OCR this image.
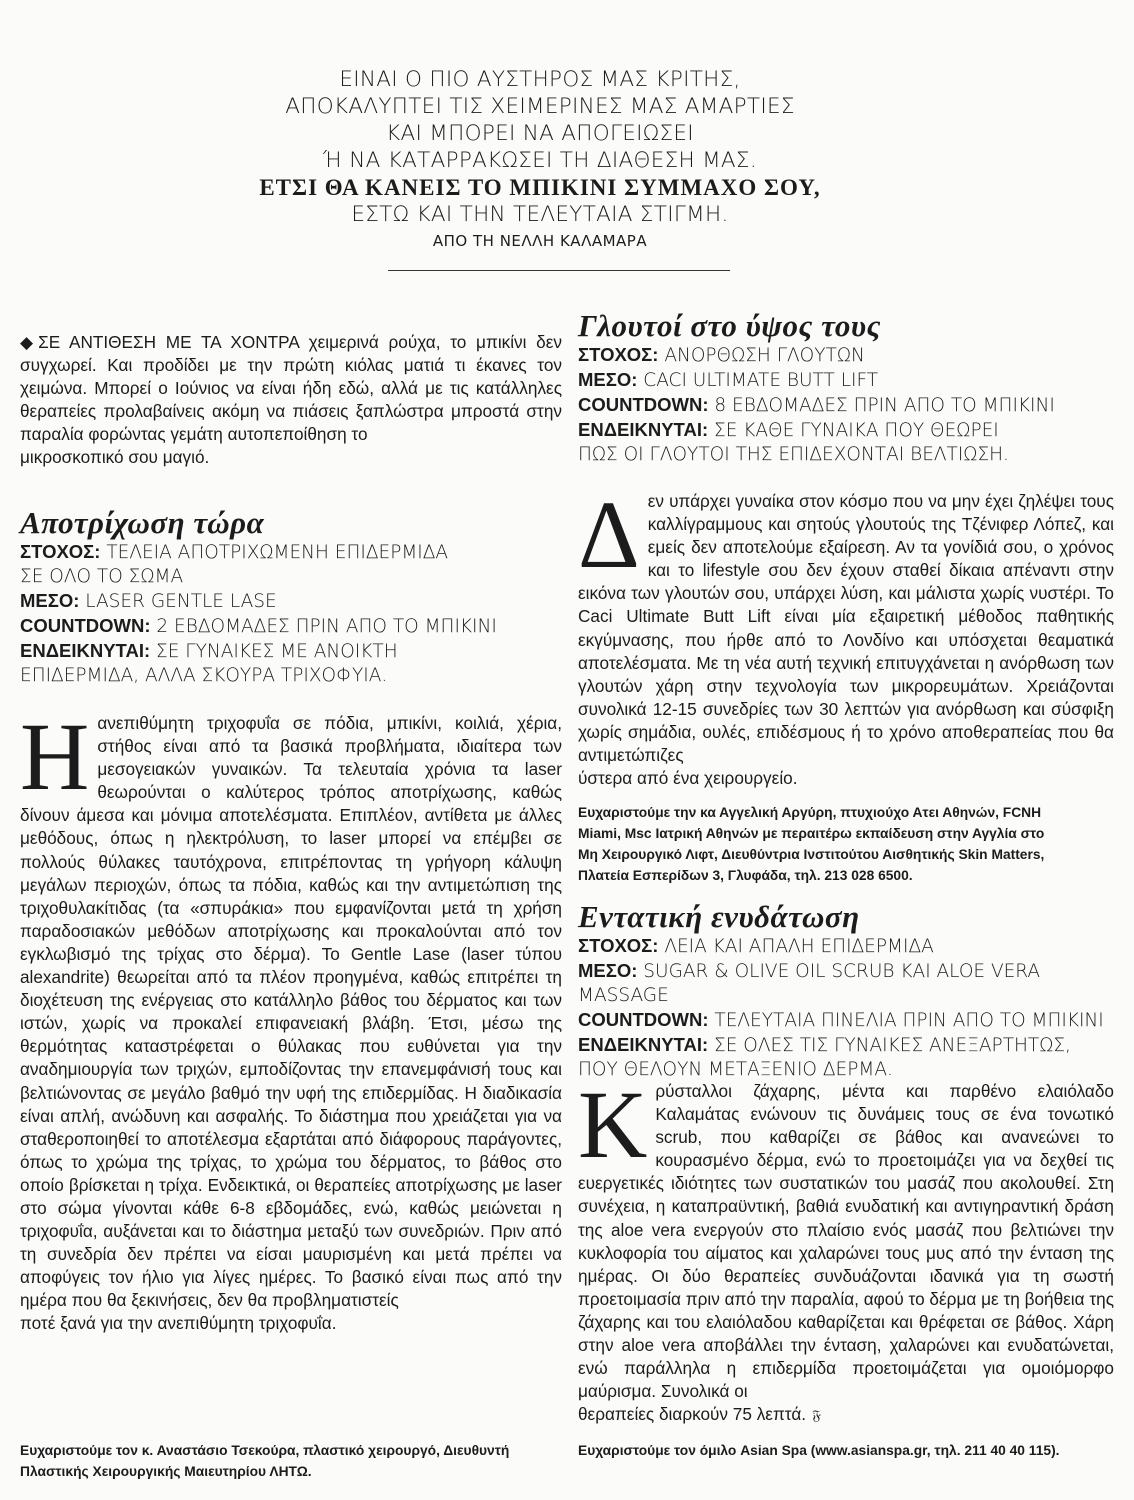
ΕΙΝΑΙ Ο ΠΙΟ ΑΥΣΤΗΡΟΣ ΜΑΣ ΚΡΙΤΗΣ,
ΑΠΟΚΑΛΥΠΤΕΙ ΤΙΣ ΧΕΙΜΕΡΙΝΕΣ ΜΑΣ ΑΜΑΡΤΙΕΣ
ΚΑΙ ΜΠΟΡΕΙ ΝΑ ΑΠΟΓΕΙΩΣΕΙ
Ή ΝΑ ΚΑΤΑΡΡΑΚΩΣΕΙ ΤΗ ΔΙΑΘΕΣΗ ΜΑΣ.
ΕΤΣΙ ΘΑ ΚΑΝΕΙΣ ΤΟ ΜΠΙΚΙΝΙ ΣΥΜΜΑΧΟ ΣΟΥ,
ΕΣΤΩ ΚΑΙ ΤΗΝ ΤΕΛΕΥΤΑΙΑ ΣΤΙΓΜΗ.
ΑΠΟ ΤΗ ΝΕΛΛΗ ΚΑΛΑΜΑΡΑ

◆ΣΕ ΑΝΤΙΘΕΣΗ ΜΕ ΤΑ ΧΟΝΤΡΑ χειμερινά ρούχα, το μπικίνι δεν συγχωρεί. Και προδίδει με την πρώτη κιόλας ματιά τι έκανες τον χειμώνα. Μπορεί ο Ιούνιος να είναι ήδη εδώ, αλλά με τις κατάλληλες θεραπείες προλαβαίνεις ακόμη να πιάσεις ξαπλώστρα μπροστά στην παραλία φορώντας γεμάτη αυτοπεποίθηση το
μικροσκοπικό σου μαγιό.

Αποτρίχωση τώρα
ΣΤΟΧΟΣ: ΤΕΛΕΙΑ ΑΠΟΤΡΙΧΩΜΕΝΗ ΕΠΙΔΕΡΜΙΔΑ
ΣΕ ΟΛΟ ΤΟ ΣΩΜΑ
ΜΕΣΟ: LASER GENTLE LASE
COUNTDOWN: 2 ΕΒΔΟΜΑΔΕΣ ΠΡΙΝ ΑΠΟ ΤΟ ΜΠΙΚΙΝΙ
ΕΝΔΕΙΚΝΥΤΑΙ: ΣΕ ΓΥΝΑΙΚΕΣ ΜΕ ΑΝΟΙΚΤΗ
ΕΠΙΔΕΡΜΙΔΑ, ΑΛΛΑ ΣΚΟΥΡΑ ΤΡΙΧΟΦΥΙΑ.

Η ανεπιθύμητη τριχοφυΐα σε πόδια, μπικίνι, κοιλιά, χέρια, στήθος είναι από τα βασικά προβλήματα, ιδιαίτερα των μεσογειακών γυναικών. Τα τελευταία χρόνια τα laser θεωρούνται ο καλύτερος τρόπος αποτρίχωσης, καθώς δίνουν άμεσα και μόνιμα αποτελέσματα. Επιπλέον, αντίθετα με άλλες μεθόδους, όπως η ηλεκτρόλυση, το laser μπορεί να επέμβει σε πολλούς θύλακες ταυτόχρονα, επιτρέποντας τη γρήγορη κάλυψη μεγάλων περιοχών, όπως τα πόδια, καθώς και την αντιμετώπιση της τριχοθυλακίτιδας (τα «σπυράκια» που εμφανίζονται μετά τη χρήση παραδοσιακών μεθόδων αποτρίχωσης και προκαλούνται από τον εγκλωβισμό της τρίχας στο δέρμα). Το Gentle Lase (laser τύπου alexandrite) θεωρείται από τα πλέον προηγμένα, καθώς επιτρέπει τη διοχέτευση της ενέργειας στο κατάλληλο βάθος του δέρματος και των ιστών, χωρίς να προκαλεί επιφανειακή βλάβη. Έτσι, μέσω της θερμότητας καταστρέφεται ο θύλακας που ευθύνεται για την αναδημιουργία των τριχών, εμποδίζοντας την επανεμφάνισή τους και βελτιώνοντας σε μεγάλο βαθμό την υφή της επιδερμίδας. Η διαδικασία είναι απλή, ανώδυνη και ασφαλής. Το διάστημα που χρειάζεται για να σταθεροποιηθεί το αποτέλεσμα εξαρτάται από διάφορους παράγοντες, όπως το χρώμα της τρίχας, το χρώμα του δέρματος, το βάθος στο οποίο βρίσκεται η τρίχα. Ενδεικτικά, οι θεραπείες αποτρίχωσης με laser στο σώμα γίνονται κάθε 6-8 εβδομάδες, ενώ, καθώς μειώνεται η τριχοφυΐα, αυξάνεται και το διάστημα μεταξύ των συνεδριών. Πριν από τη συνεδρία δεν πρέπει να είσαι μαυρισμένη και μετά πρέπει να αποφύγεις τον ήλιο για λίγες ημέρες. Το βασικό είναι πως από την ημέρα που θα ξεκινήσεις, δεν θα προβληματιστείς
ποτέ ξανά για την ανεπιθύμητη τριχοφυΐα.

Ευχαριστούμε τον κ. Αναστάσιο Τσεκούρα, πλαστικό χειρουργό, Διευθυντή

Πλαστικής Χειρουργικής Μαιευτηρίου ΛΗΤΩ.

Γλουτοί στο ύψος τους
ΣΤΟΧΟΣ: ΑΝΟΡΘΩΣΗ ΓΛΟΥΤΩΝ
ΜΕΣΟ: CACI ULTIMATE BUTT LIFT
COUNTDOWN: 8 ΕΒΔΟΜΑΔΕΣ ΠΡΙΝ ΑΠΟ ΤΟ ΜΠΙΚΙΝΙ
ΕΝΔΕΙΚΝΥΤΑΙ: ΣΕ ΚΑΘΕ ΓΥΝΑΙΚΑ ΠΟΥ ΘΕΩΡΕΙ
ΠΩΣ ΟΙ ΓΛΟΥΤΟΙ ΤΗΣ ΕΠΙΔΕΧΟΝΤΑΙ ΒΕΛΤΙΩΣΗ.

Δεν υπάρχει γυναίκα στον κόσμο που να μην έχει ζηλέψει τους καλλίγραμμους και σητούς γλουτούς της Τζένιφερ Λόπεζ, και εμείς δεν αποτελούμε εξαίρεση. Αν τα γονίδιά σου, ο χρόνος και το lifestyle σου δεν έχουν σταθεί δίκαια απέναντι στην εικόνα των γλουτών σου, υπάρχει λύση, και μάλιστα χωρίς νυστέρι. Το Caci Ultimate Butt Lift είναι μία εξαιρετική μέθοδος παθητικής εκγύμνασης, που ήρθε από το Λονδίνο και υπόσχεται θεαματικά αποτελέσματα. Με τη νέα αυτή τεχνική επιτυγχάνεται η ανόρθωση των γλουτών χάρη στην τεχνολογία των μικρορευμάτων. Χρειάζονται συνολικά 12-15 συνεδρίες των 30 λεπτών για ανόρθωση και σύσφιξη χωρίς σημάδια, ουλές, επιδέσμους ή το χρόνο αποθεραπείας που θα αντιμετώπιζες
ύστερα από ένα χειρουργείο.

Ευχαριστούμε την κα Αγγελική Αργύρη, πτυχιούχο Ατει Αθηνών, FCNH

Miami, Msc Ιατρική Αθηνών με περαιτέρω εκπαίδευση στην Αγγλία στο

Μη Χειρουργικό Λιφτ, Διευθύντρια Ινστιτούτου Αισθητικής Skin Matters,

Πλατεία Εσπερίδων 3, Γλυφάδα, τηλ. 213 028 6500.

Εντατική ενυδάτωση
ΣΤΟΧΟΣ: ΛΕΙΑ ΚΑΙ ΑΠΑΛΗ ΕΠΙΔΕΡΜΙΔΑ
ΜΕΣΟ: SUGAR & OLIVE OIL SCRUB ΚΑΙ ALOE VERA MASSAGE
COUNTDOWN: ΤΕΛΕΥΤΑΙΑ ΠΙΝΕΛΙΑ ΠΡΙΝ ΑΠΟ ΤΟ ΜΠΙΚΙΝΙ
ΕΝΔΕΙΚΝΥΤΑΙ: ΣΕ ΟΛΕΣ ΤΙΣ ΓΥΝΑΙΚΕΣ ΑΝΕΞΑΡΤΗΤΩΣ,
ΠΟΥ ΘΕΛΟΥΝ ΜΕΤΑΞΕΝΙΟ ΔΕΡΜΑ.

Κρύσταλλοι ζάχαρης, μέντα και παρθένο ελαιόλαδο Καλαμάτας ενώνουν τις δυνάμεις τους σε ένα τονωτικό scrub, που καθαρίζει σε βάθος και ανανεώνει το κουρασμένο δέρμα, ενώ το προετοιμάζει για να δεχθεί τις ευεργετικές ιδιότητες των συστατικών του μασάζ που ακολουθεί. Στη συνέχεια, η καταπραϋντική, βαθιά ενυδατική και αντιγηραντική δράση της aloe vera ενεργούν στο πλαίσιο ενός μασάζ που βελτιώνει την κυκλοφορία του αίματος και χαλαρώνει τους μυς από την ένταση της ημέρας. Οι δύο θεραπείες συνδυάζονται ιδανικά για τη σωστή προετοιμασία πριν από την παραλία, αφού το δέρμα με τη βοήθεια της ζάχαρης και του ελαιόλαδου καθαρίζεται και θρέφεται σε βάθος. Χάρη στην aloe vera αποβάλλει την ένταση, χαλαρώνει και ενυδατώνεται, ενώ παράλληλα η επιδερμίδα προετοιμάζεται για ομοιόμορφο μαύρισμα. Συνολικά οι
θεραπείες διαρκούν 75 λεπτά. 𝔉

Ευχαριστούμε τον όμιλο Asian Spa (www.asianspa.gr, τηλ. 211 40 40 115).
